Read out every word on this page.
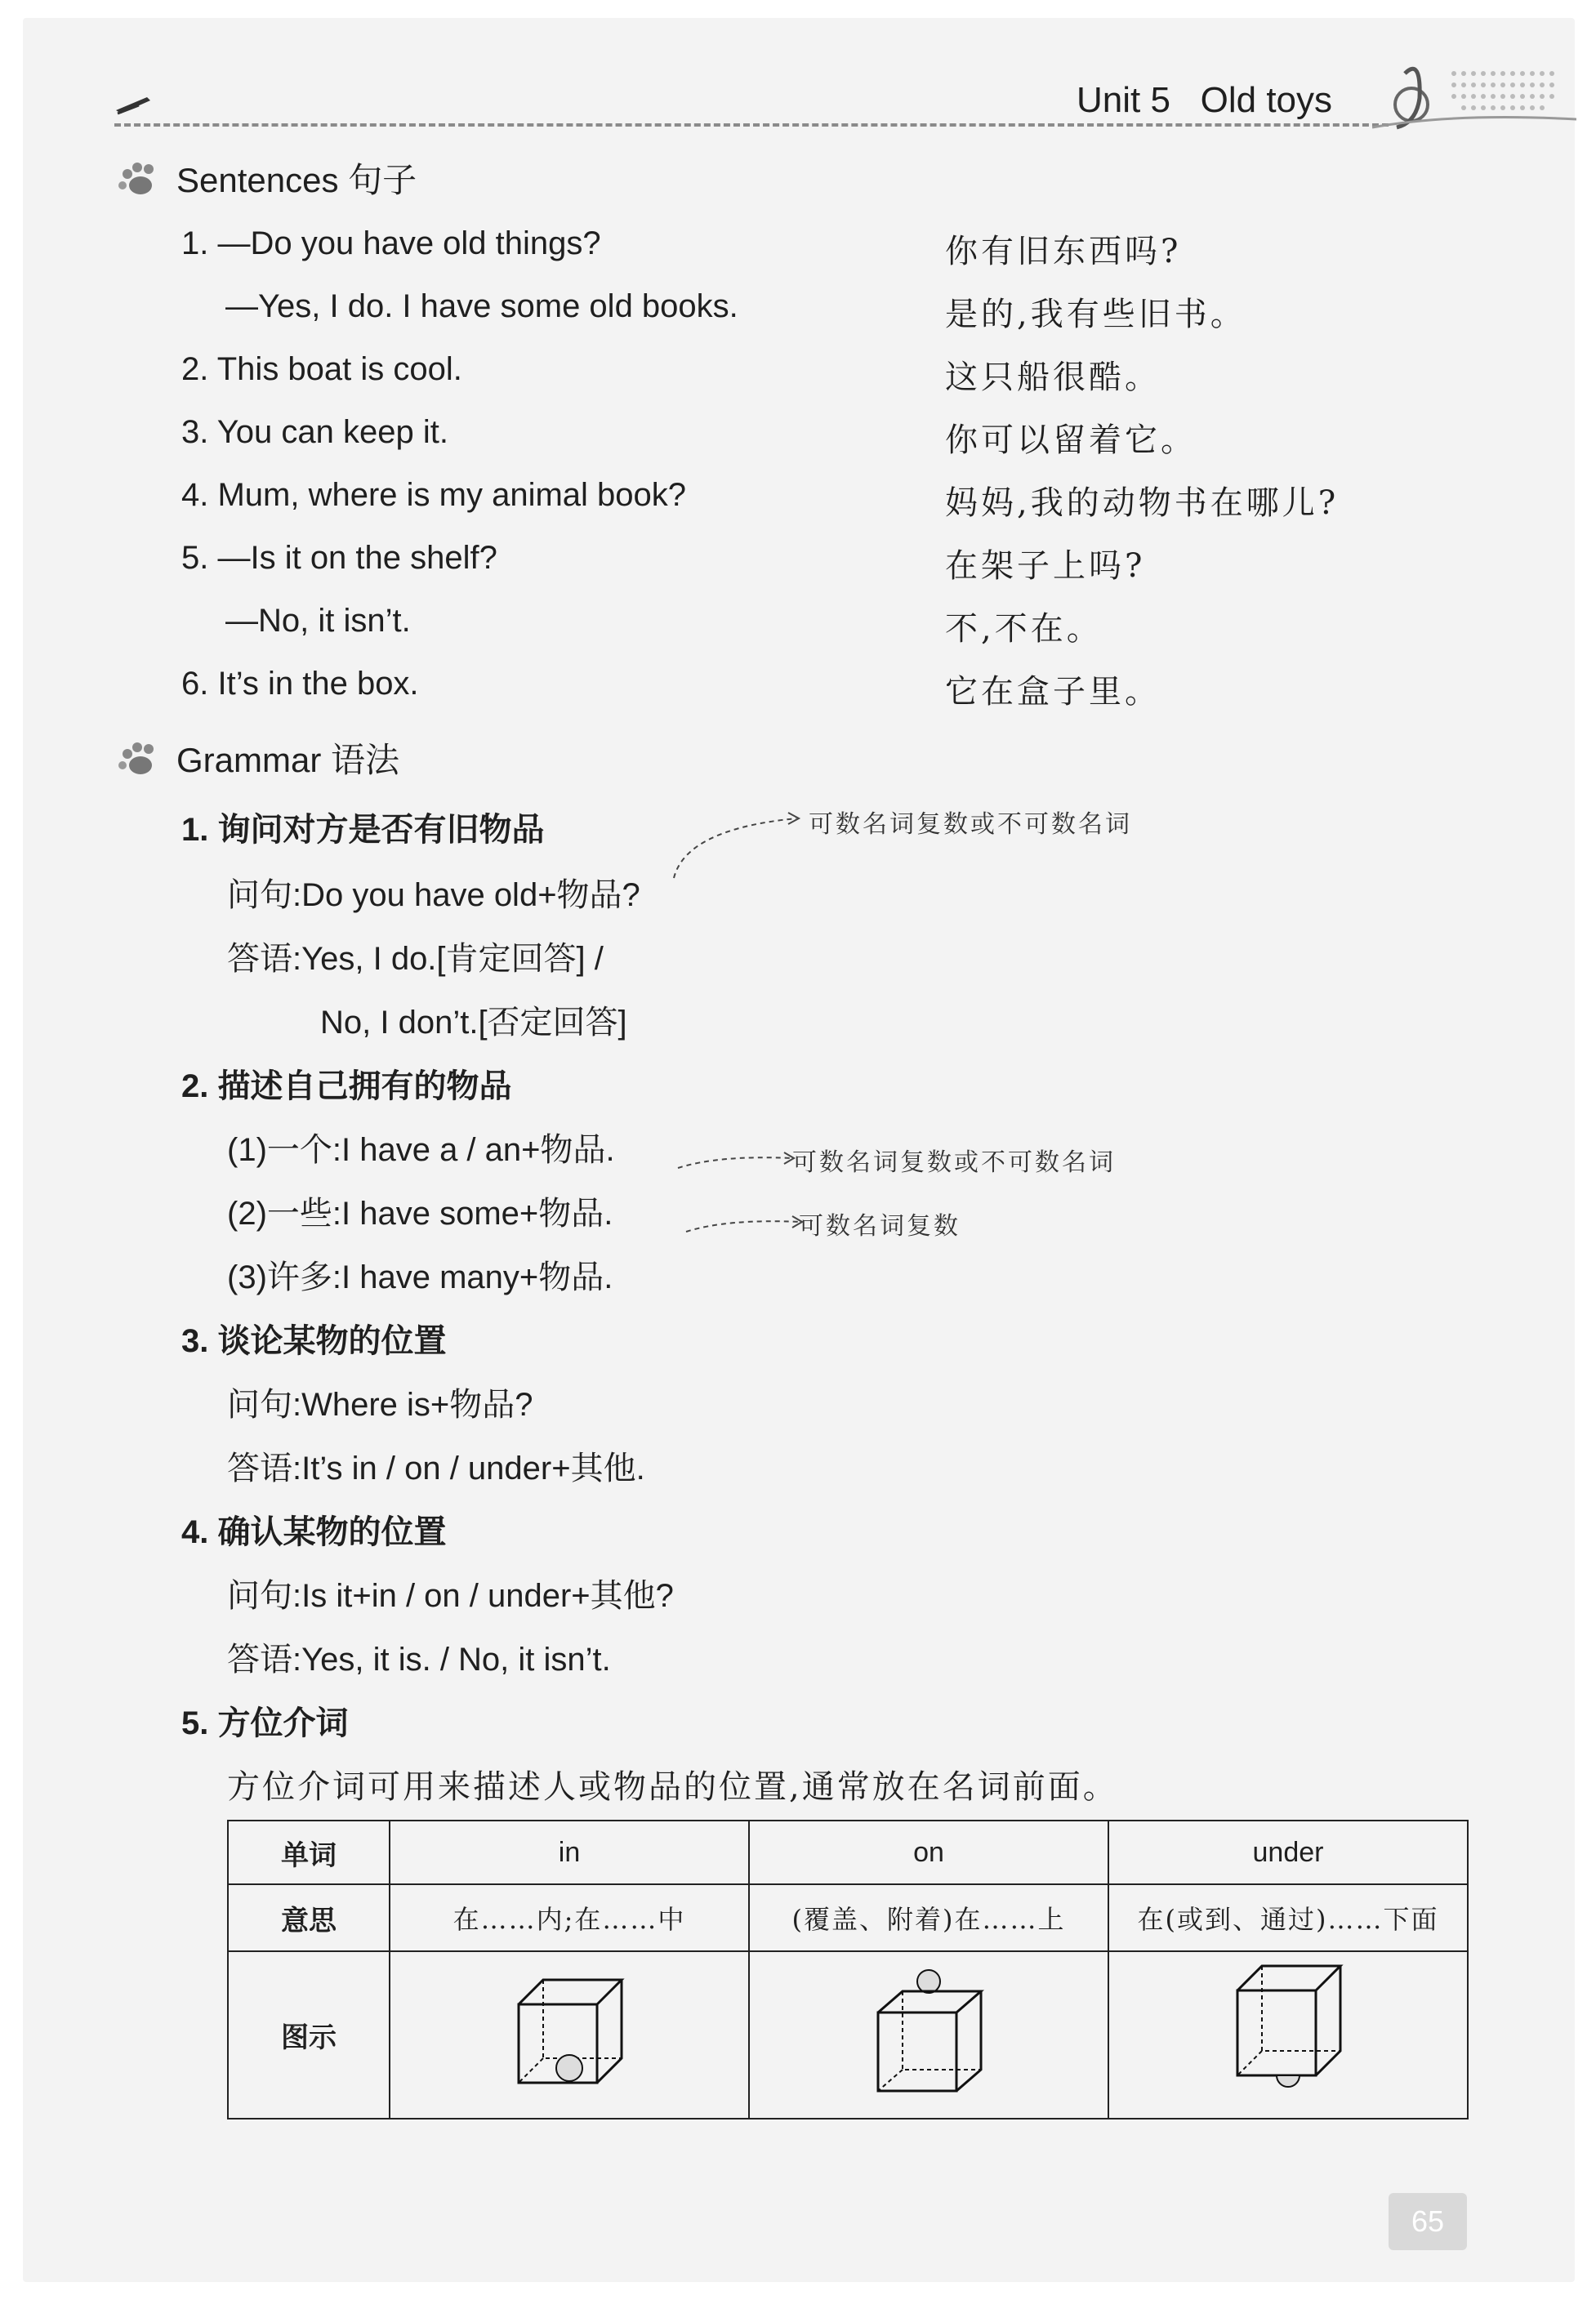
Unit 5 Old toys
Sentences 句子
1. —Do you have old things?	你有旧东西吗?
—Yes, I do. I have some old books.	是的,我有些旧书。
2. This boat is cool.	这只船很酷。
3. You can keep it.	你可以留着它。
4. Mum, where is my animal book?	妈妈,我的动物书在哪儿?
5. —Is it on the shelf?	在架子上吗?
—No, it isn’t.	不,不在。
6. It’s in the box.	它在盒子里。
Grammar 语法
1. 询问对方是否有旧物品	可数名词复数或不可数名词
问句:Do you have old+物品?
答语:Yes, I do.[肯定回答] /
No, I don’t.[否定回答]
2. 描述自己拥有的物品
(1)一个:I have a / an+物品.
(2)一些:I have some+物品.
(3)许多:I have many+物品.
可数名词复数或不可数名词
可数名词复数
3. 谈论某物的位置
问句:Where is+物品?
答语:It’s in / on / under+其他.
4. 确认某物的位置
问句:Is it+in / on / under+其他?
答语:Yes, it is. / No, it isn’t.
5. 方位介词
方位介词可用来描述人或物品的位置,通常放在名词前面。
单词	in	on	under
意思	在……内;在……中	(覆盖、附着)在……上	在(或到、通过)……下面
图示			
65
